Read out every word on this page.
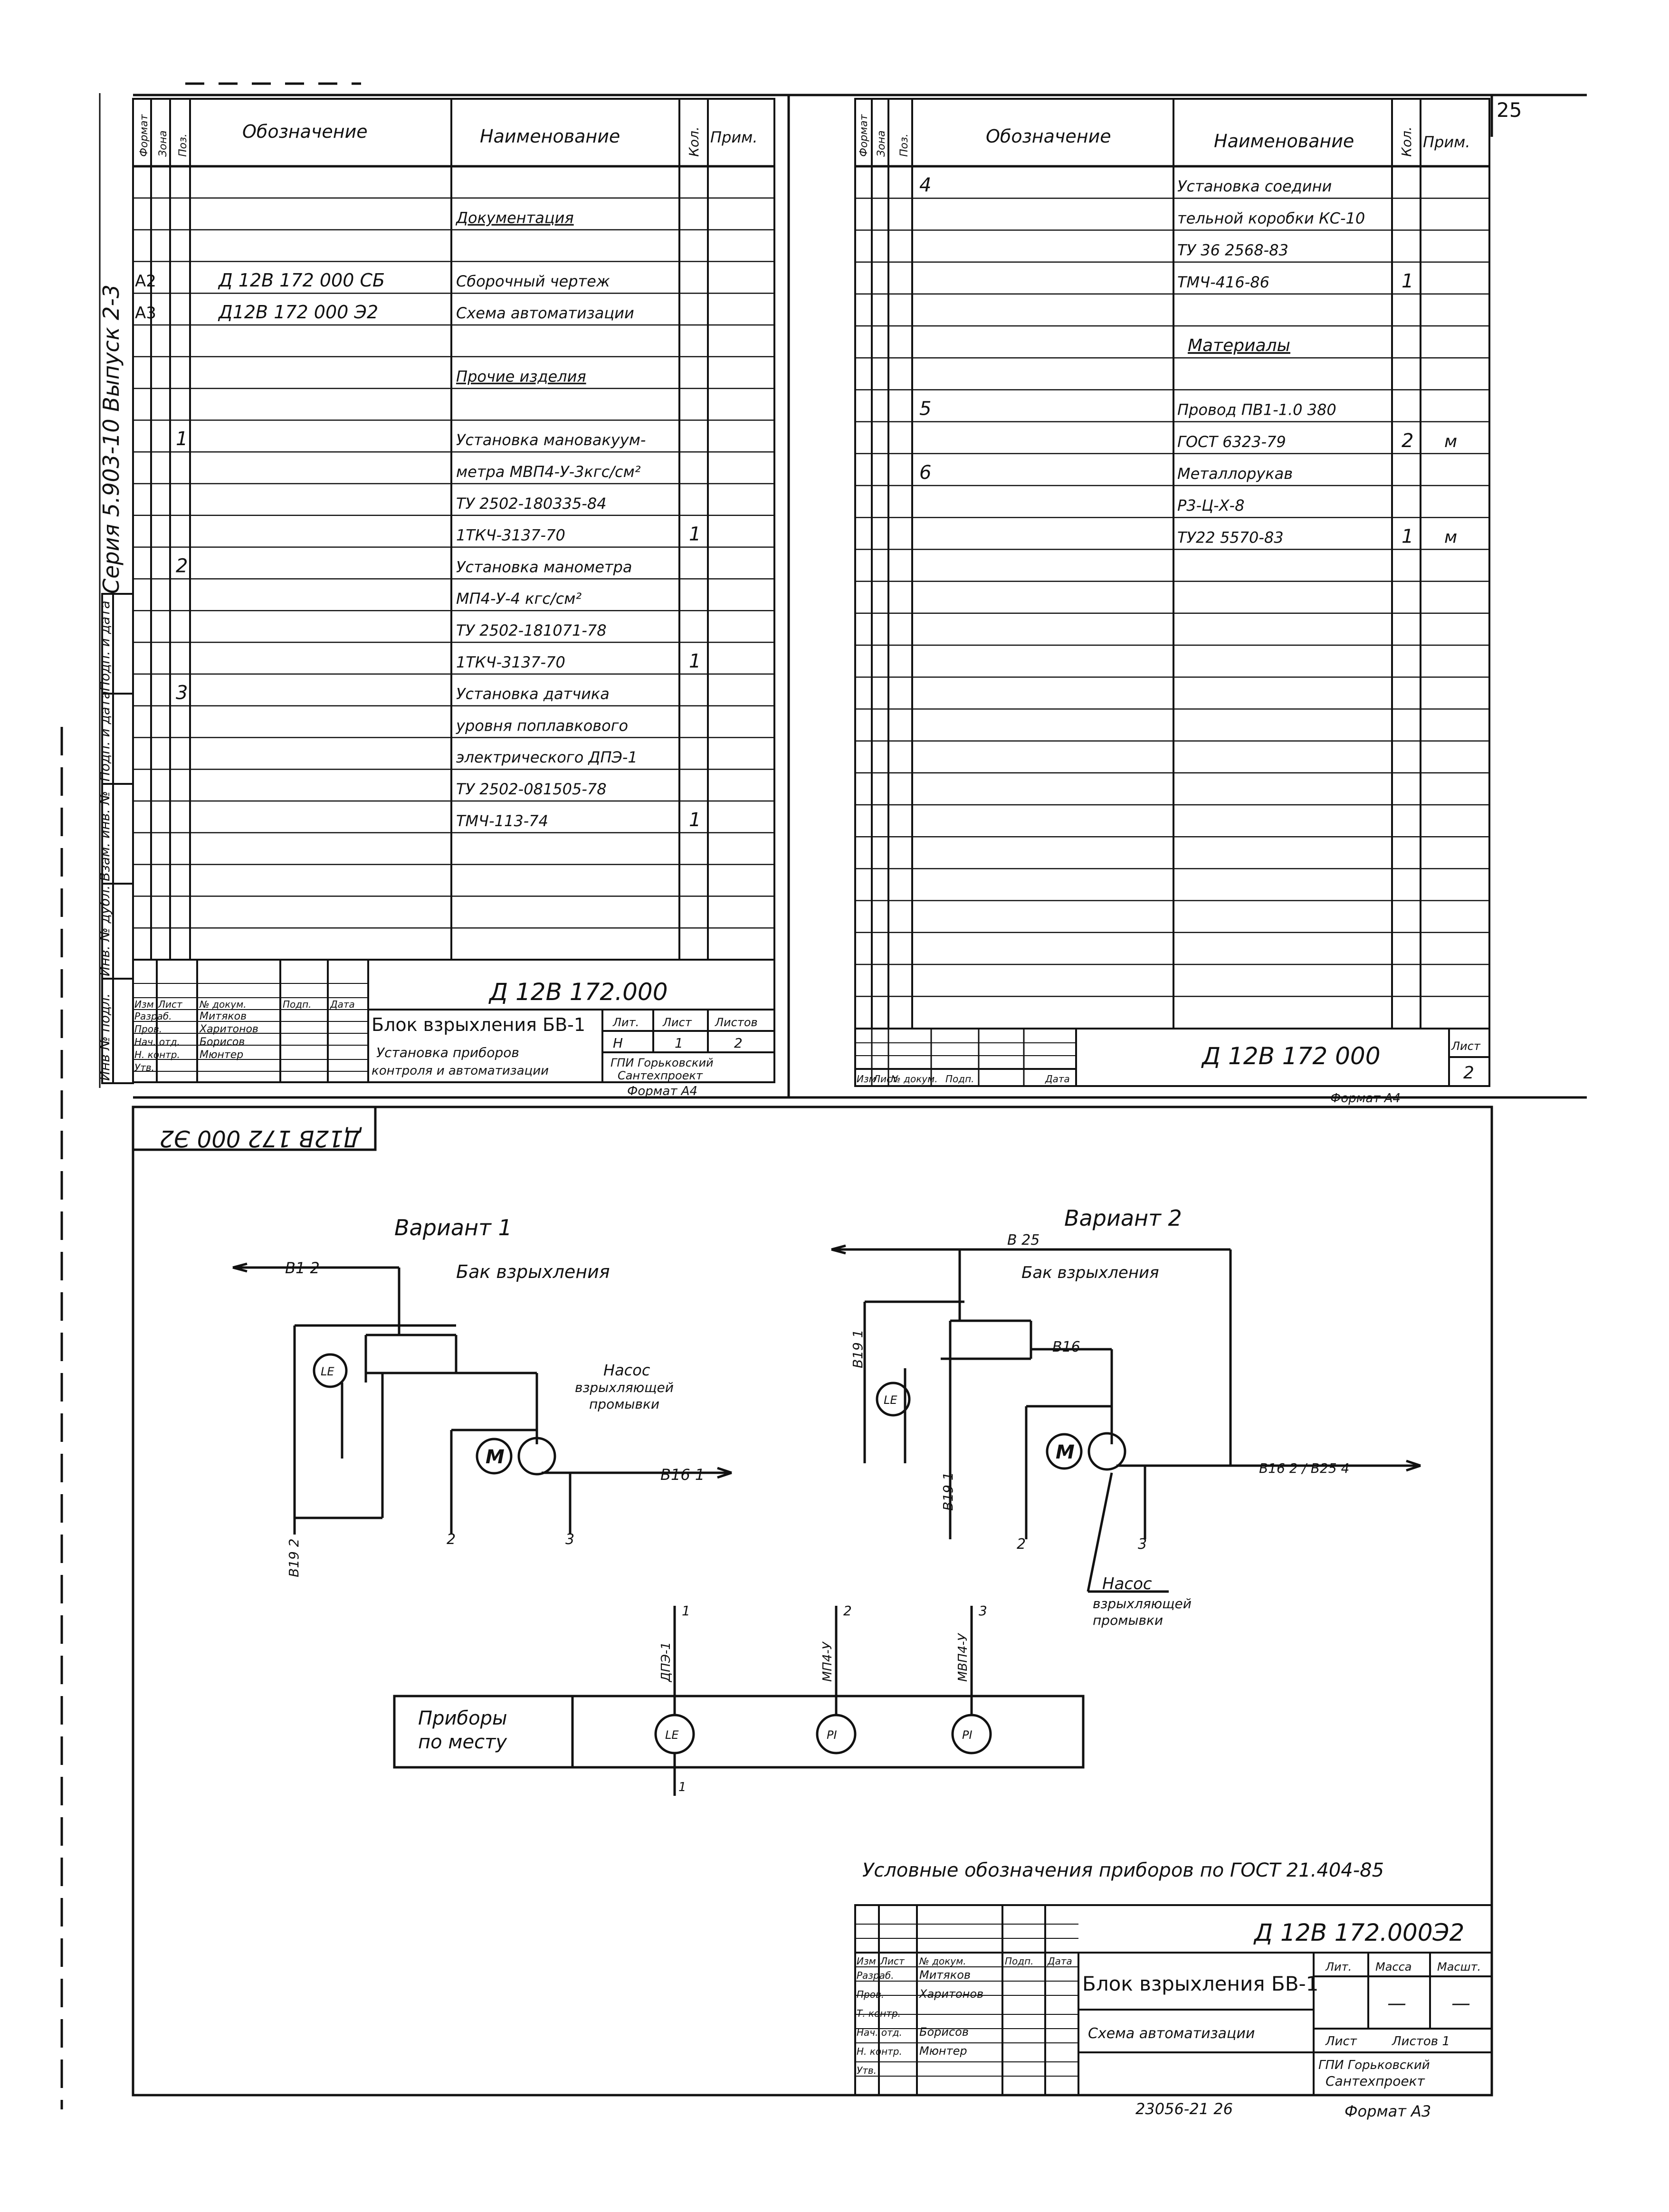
25
Серия 5.903-10 Выпуск 2-3
Подп. и дата
Подп. и дата
Взам. инв. №
Инв. № дубл.
Инв № подл.
Обозначение	Наименование	Кол. Прим.
Формат Зона Поз.
Документация
А2	Д 12В 172 000 СБ	Сборочный чертеж
А3	Д12В 172 000 Э2	Схема автоматизации
Прочие изделия
1	Установка мановакуум-
метра МВП4-У-3кгс/см²
ТУ 2502-180335-84
1ТКЧ-3137-70	1
2	Установка манометра
МП4-У-4 кгс/см²
ТУ 2502-181071-78
1ТКЧ-3137-70	1
3	Установка датчика
уровня поплавкового
электрического ДПЭ-1
ТУ 2502-081505-78
ТМЧ-113-74	1
Д 12В 172.000
Блок взрыхления БВ-1
Установка приборов
контроля и автоматизации
Лит. Лист Листов
Н	1	2
ГПИ Горьковский
Сантехпроект
Формат А4
Изм Лист № докум.	Подп. Дата
Разраб.	Митяков
Пров.	Харитонов
Нач. отд. Борисов
Н. контр. Мюнтер
Утв.
Формат Зона Поз.	Обозначение	Наименование	Кол. Прим.
4	Установка соедини
тельной коробки КС-10
ТУ 36 2568-83
ТМЧ-416-86	1
Материалы
5	Провод ПВ1-1.0 380
ГОСТ 6323-79	2 м
6	Металлорукав
Р3-Ц-Х-8
ТУ22 5570-83	1 м
Д 12В 172 000	Лист
2
Формат А4
Изм
Лист
№ докум. Подп.	Дата
Д12В 172 000 Э2
Вариант 1	Вариант 2
Бак взрыхления	Бак взрыхления
В1 2
В16 1
В19 2
LE
М
Насос
взрыхляющей
промывки
2	3
В 25
В16
В19 1
В19 1
В16 2 / В25 4
LE
М
Насос
взрыхляющей
промывки
2	3
Приборы
по месту	LE
ДПЭ-1
1
PI
МП4-У
2
PI
МВП4-У
3
1
Условные обозначения приборов по ГОСТ 21.404-85
Д 12В 172.000Э2
Блок взрыхления БВ-1
Схема автоматизации
Лит. Масса Масшт.
— —
Лист	Листов 1
ГПИ Горьковский
Сантехпроект
Изм Лист № докум.	Подп. Дата
Разраб. Митяков
Пров.	Харитонов
Т. контр.
Нач. отд. Борисов
Н. контр. Мюнтер
Утв.
23056-21 26	Формат А3
